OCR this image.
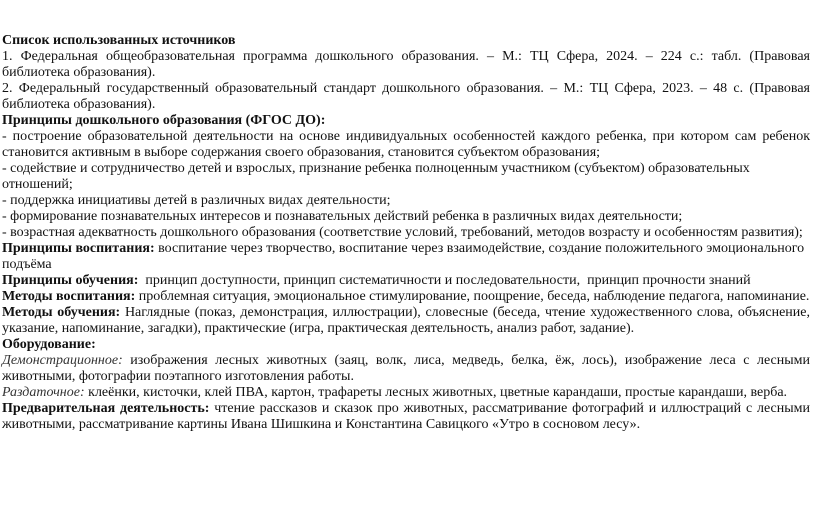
Список использованных источников

1. Федеральная общеобразовательная программа дошкольного образования. – М.: ТЦ Сфера, 2024. – 224 с.: табл. (Правовая библиотека образования).

2. Федеральный государственный образовательный стандарт дошкольного образования. – М.: ТЦ Сфера, 2023. – 48 с. (Правовая библиотека образования).

Принципы дошкольного образования (ФГОС ДО):

- построение образовательной деятельности на основе индивидуальных особенностей каждого ребенка, при котором сам ребенок становится активным в выборе содержания своего образования, становится субъектом образования;

- содействие и сотрудничество детей и взрослых, признание ребенка полноценным участником (субъектом) образовательных отношений;

- поддержка инициативы детей в различных видах деятельности;

- формирование познавательных интересов и познавательных действий ребенка в различных видах деятельности;

- возрастная адекватность дошкольного образования (соответствие условий, требований, методов возрасту и особенностям развития);

Принципы воспитания: воспитание через творчество, воспитание через взаимодействие, создание положительного эмоционального подъёма

Принципы обучения:  принцип доступности, принцип систематичности и последовательности,  принцип прочности знаний

Методы воспитания: проблемная ситуация, эмоциональное стимулирование, поощрение, беседа, наблюдение педагога, напоминание.

Методы обучения: Наглядные (показ, демонстрация, иллюстрации), словесные (беседа, чтение художественного слова, объяснение, указание, напоминание, загадки), практические (игра, практическая деятельность, анализ работ, задание).

Оборудование:

Демонстрационное: изображения лесных животных (заяц, волк, лиса, медведь, белка, ёж, лось), изображение леса с лесными животными, фотографии поэтапного изготовления работы.

Раздаточное: клеёнки, кисточки, клей ПВА, картон, трафареты лесных животных, цветные карандаши, простые карандаши, верба.

Предварительная деятельность: чтение рассказов и сказок про животных, рассматривание фотографий и иллюстраций с лесными животными, рассматривание картины Ивана Шишкина и Константина Савицкого «Утро в сосновом лесу».
